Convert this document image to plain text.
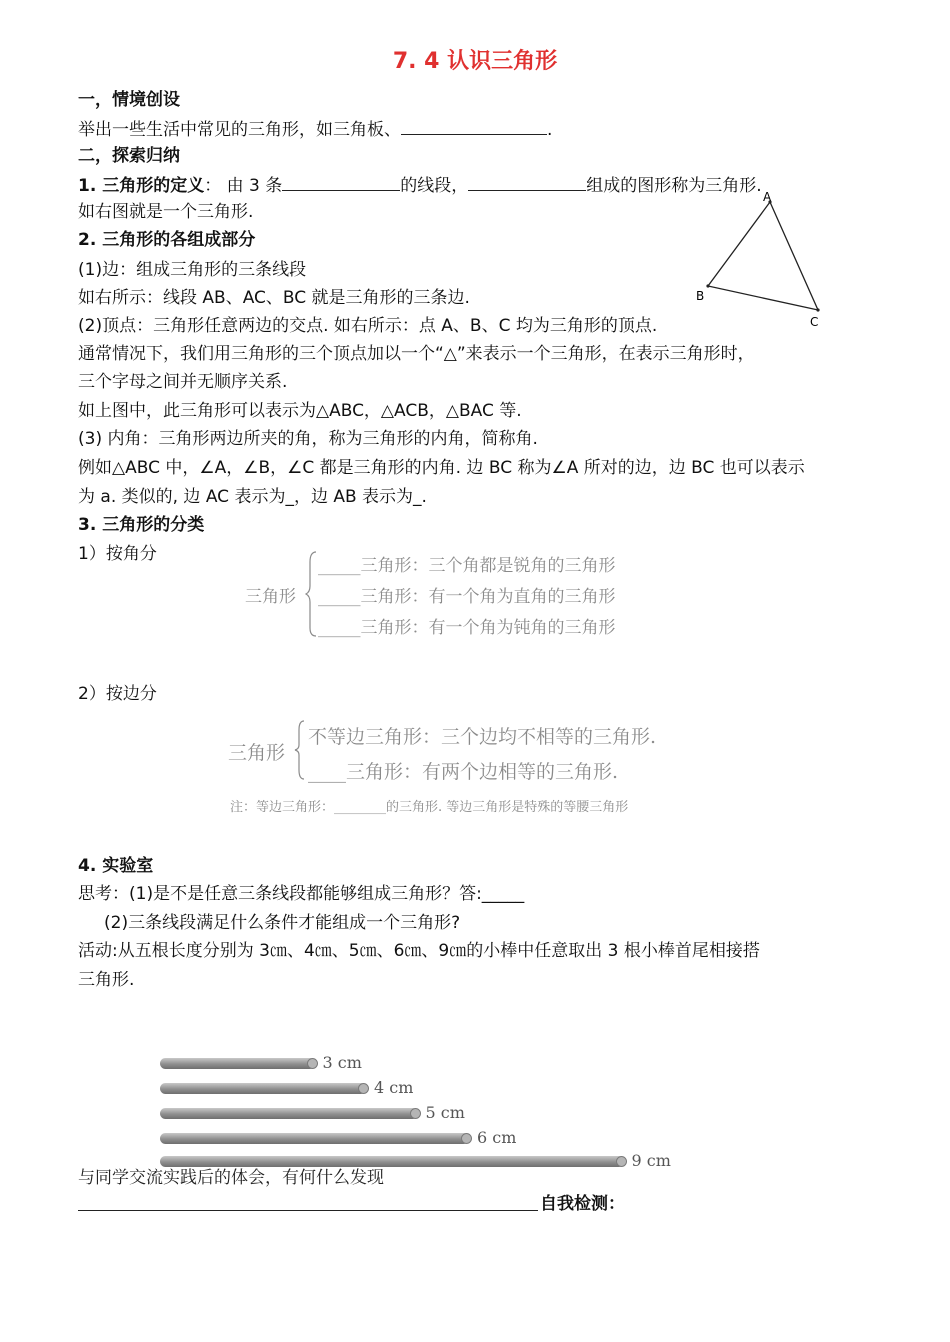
7. 4 认识三角形
一，情境创设
举出一些生活中常见的三角形，如三角板、	.
二，探索归纳
1. 三角形的定义： 由 3 条	的线段，	组成的图形称为三角形.
如右图就是一个三角形.
2. 三角形的各组成部分
(1)边：组成三角形的三条线段
如右所示：线段 AB、AC、BC 就是三角形的三条边.
(2)顶点：三角形任意两边的交点. 如右所示：点 A、B、C 均为三角形的顶点.
通常情况下，我们用三角形的三个顶点加以一个“△”来表示一个三角形，在表示三角形时，
三个字母之间并无顺序关系.
如上图中，此三角形可以表示为△ABC，△ACB，△BAC 等.
(3) 内角：三角形两边所夹的角，称为三角形的内角，简称角.
例如△ABC 中，∠A，∠B，∠C 都是三角形的内角. 边 BC 称为∠A 所对的边，边 BC 也可以表示
为 a. 类似的, 边 AC 表示为_，边 AB 表示为_.
A
B
C
3. 三角形的分类
1）按角分
三角形
_____三角形：三个角都是锐角的三角形
_____三角形：有一个角为直角的三角形
_____三角形：有一个角为钝角的三角形
2）按边分
三角形
不等边三角形：三个边均不相等的三角形.
____三角形：有两个边相等的三角形.
注：等边三角形：________的三角形. 等边三角形是特殊的等腰三角形
4. 实验室
思考：(1)是不是任意三条线段都能够组成三角形？答:_____
(2)三条线段满足什么条件才能组成一个三角形?
活动:从五根长度分别为 3㎝、4㎝、5㎝、6㎝、9㎝的小棒中任意取出 3 根小棒首尾相接搭
三角形.
3 cm
4 cm
5 cm
6 cm
9 cm
与同学交流实践后的体会，有何什么发现
自我检测：
